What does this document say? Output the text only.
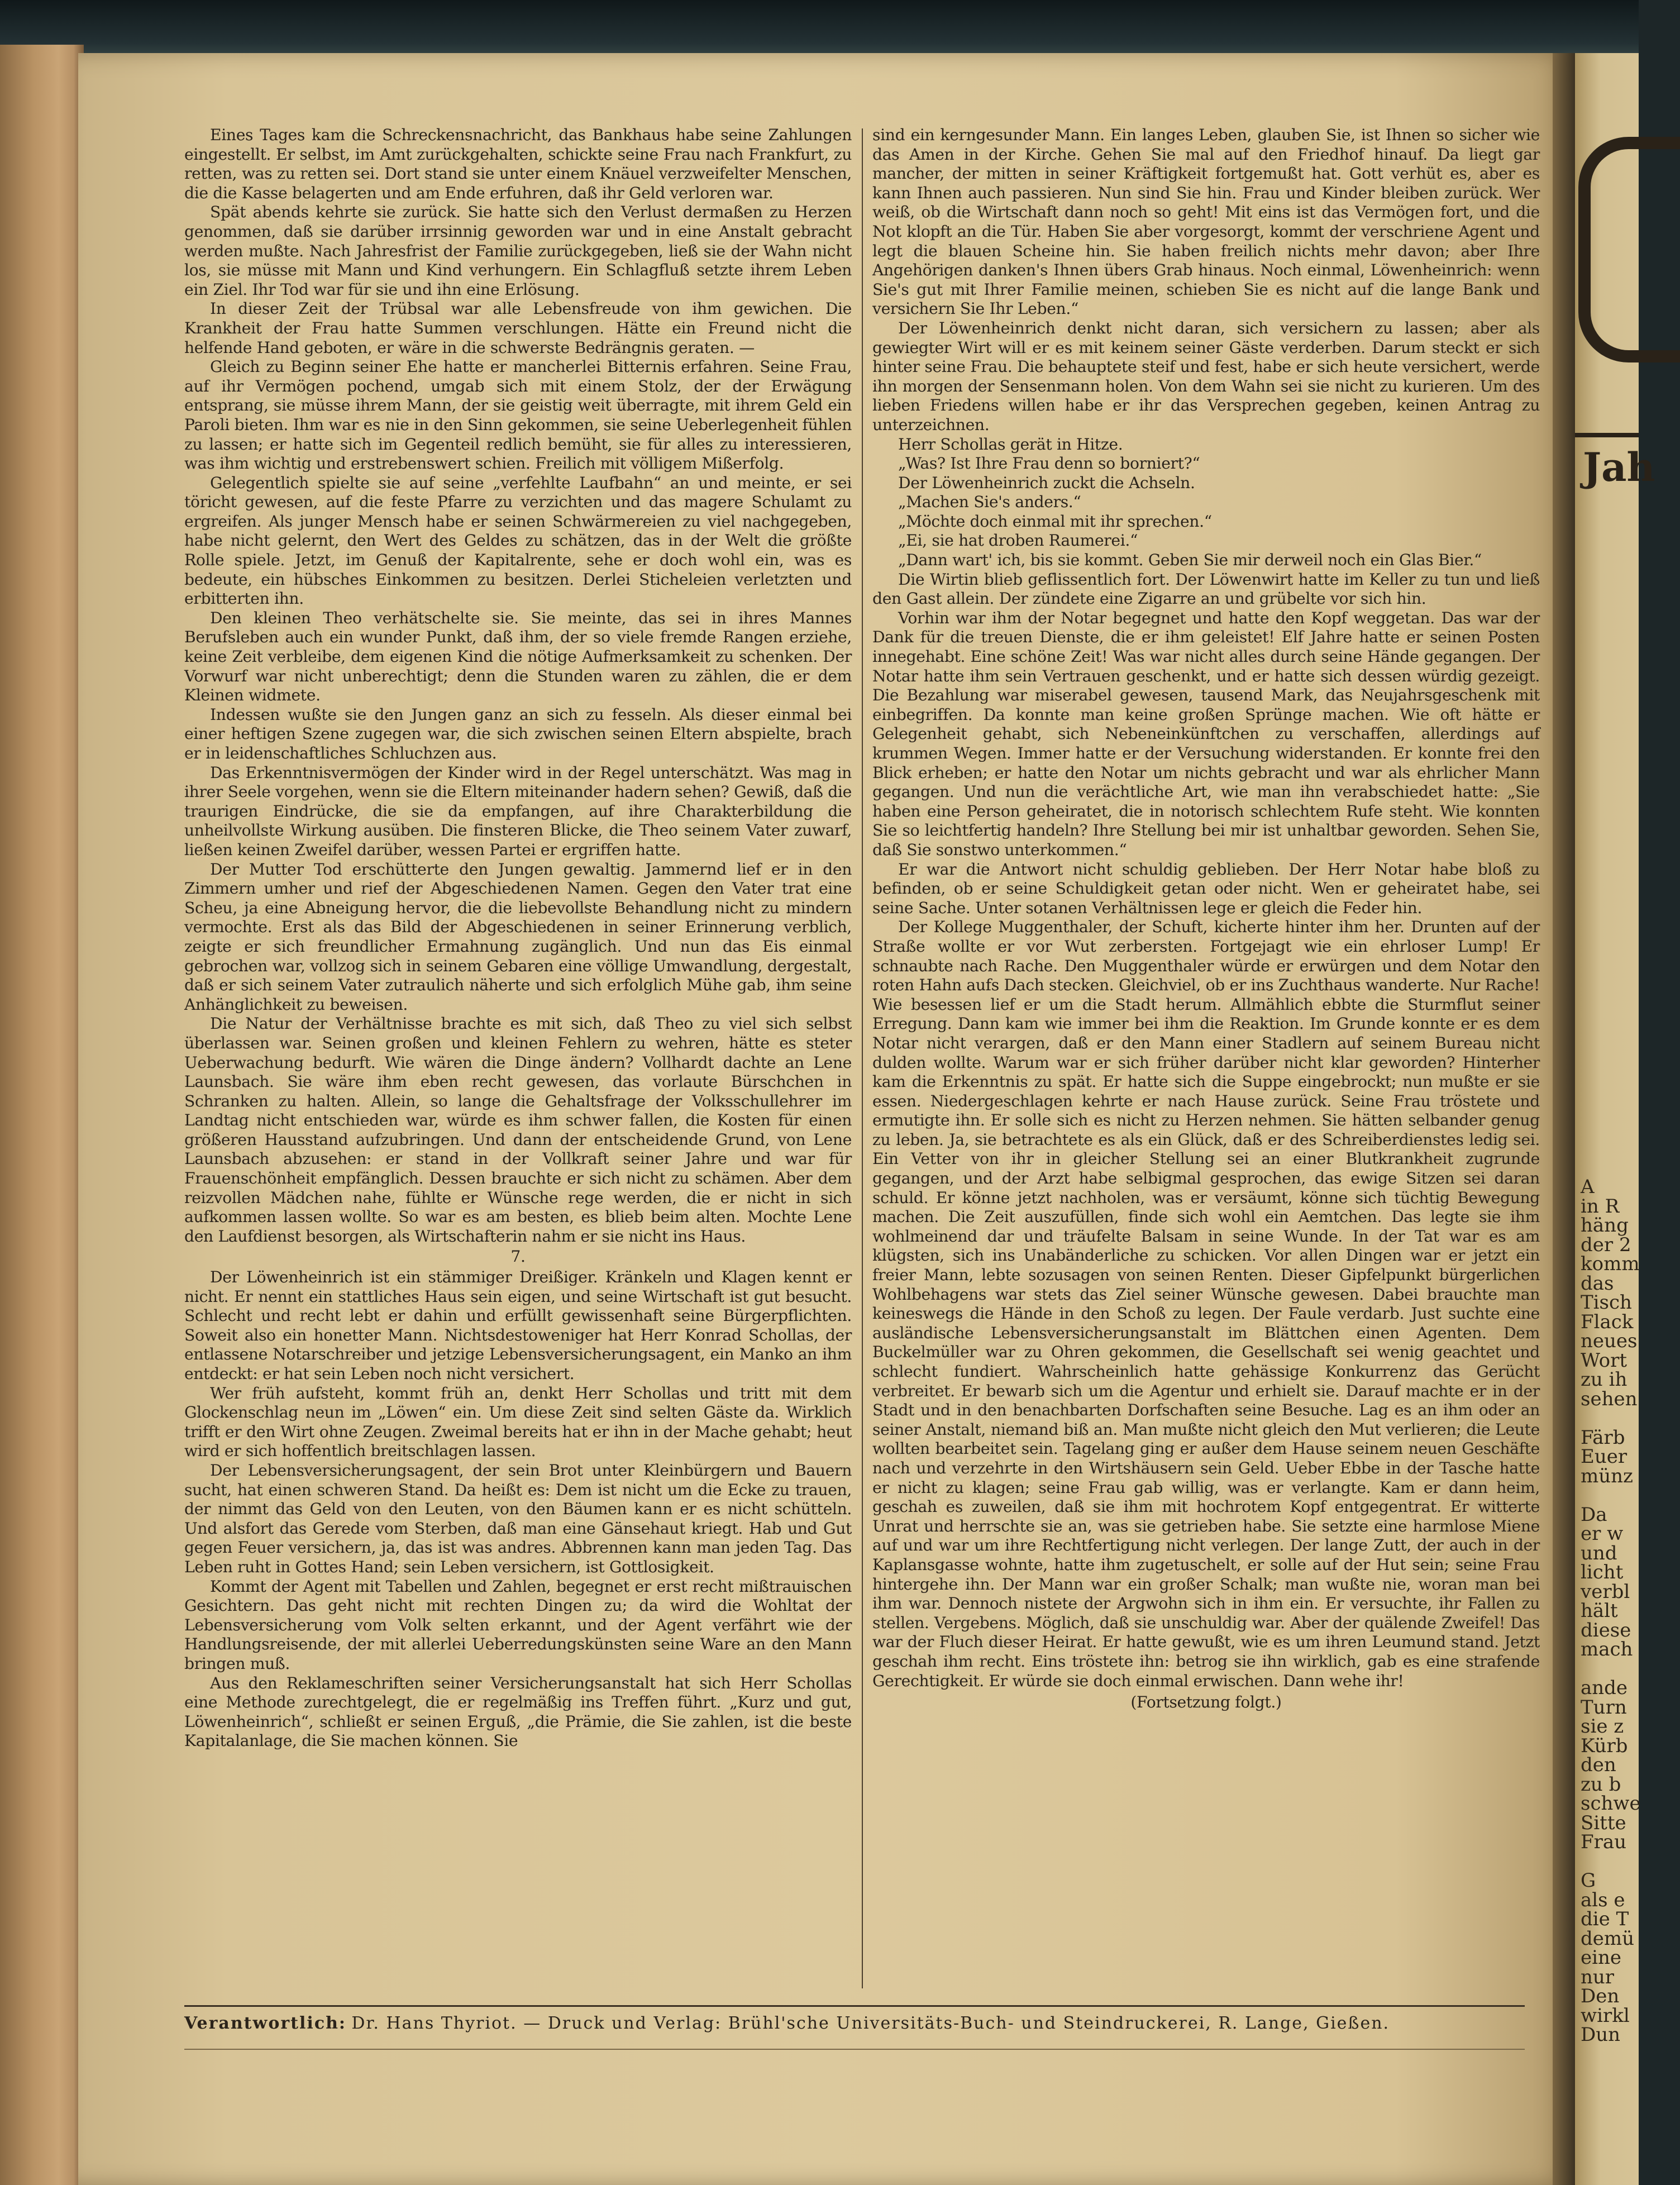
Jah
A
in R
häng
der 2
komm
das
Tisch
Flack
neues
Wort
zu ih
sehen
Färb
Euer
münz
Da
er w
und
licht
verbl
hält
diese
mach
ande
Turn
sie z
Kürb
den
zu b
schwe
Sitte
Frau
G
als e
die T
demü
eine
nur
Den
wirkl
Dun

Eines Tages kam die Schreckensnachricht, das Bankhaus habe seine Zahlungen eingestellt. Er selbst, im Amt zurückgehalten, schickte seine Frau nach Frankfurt, zu retten, was zu retten sei. Dort stand sie unter einem Knäuel verzweifelter Menschen, die die Kasse belagerten und am Ende erfuhren, daß ihr Geld verloren war.

Spät abends kehrte sie zurück. Sie hatte sich den Verlust dermaßen zu Herzen genommen, daß sie darüber irrsinnig geworden war und in eine Anstalt gebracht werden mußte. Nach Jahresfrist der Familie zurückgegeben, ließ sie der Wahn nicht los, sie müsse mit Mann und Kind verhungern. Ein Schlagfluß setzte ihrem Leben ein Ziel. Ihr Tod war für sie und ihn eine Erlösung.

In dieser Zeit der Trübsal war alle Lebensfreude von ihm gewichen. Die Krankheit der Frau hatte Summen verschlungen. Hätte ein Freund nicht die helfende Hand geboten, er wäre in die schwerste Bedrängnis geraten. —

Gleich zu Beginn seiner Ehe hatte er mancherlei Bitternis erfahren. Seine Frau, auf ihr Vermögen pochend, umgab sich mit einem Stolz, der der Erwägung entsprang, sie müsse ihrem Mann, der sie geistig weit überragte, mit ihrem Geld ein Paroli bieten. Ihm war es nie in den Sinn gekommen, sie seine Ueberlegenheit fühlen zu lassen; er hatte sich im Gegenteil redlich bemüht, sie für alles zu interessieren, was ihm wichtig und erstrebenswert schien. Freilich mit völligem Mißerfolg.

Gelegentlich spielte sie auf seine „verfehlte Laufbahn“ an und meinte, er sei töricht gewesen, auf die feste Pfarre zu verzichten und das magere Schulamt zu ergreifen. Als junger Mensch habe er seinen Schwärmereien zu viel nachgegeben, habe nicht gelernt, den Wert des Geldes zu schätzen, das in der Welt die größte Rolle spiele. Jetzt, im Genuß der Kapitalrente, sehe er doch wohl ein, was es bedeute, ein hübsches Einkommen zu besitzen. Derlei Sticheleien verletzten und erbitterten ihn.

Den kleinen Theo verhätschelte sie. Sie meinte, das sei in ihres Mannes Berufsleben auch ein wunder Punkt, daß ihm, der so viele fremde Rangen erziehe, keine Zeit verbleibe, dem eigenen Kind die nötige Aufmerksamkeit zu schenken. Der Vorwurf war nicht unberechtigt; denn die Stunden waren zu zählen, die er dem Kleinen widmete.

Indessen wußte sie den Jungen ganz an sich zu fesseln. Als dieser einmal bei einer heftigen Szene zugegen war, die sich zwischen seinen Eltern abspielte, brach er in leidenschaftliches Schluchzen aus.

Das Erkenntnisvermögen der Kinder wird in der Regel unterschätzt. Was mag in ihrer Seele vorgehen, wenn sie die Eltern miteinander hadern sehen? Gewiß, daß die traurigen Eindrücke, die sie da empfangen, auf ihre Charakterbildung die unheilvollste Wirkung ausüben. Die finsteren Blicke, die Theo seinem Vater zuwarf, ließen keinen Zweifel darüber, wessen Partei er ergriffen hatte.

Der Mutter Tod erschütterte den Jungen gewaltig. Jammernd lief er in den Zimmern umher und rief der Abgeschiedenen Namen. Gegen den Vater trat eine Scheu, ja eine Abneigung hervor, die die liebevollste Behandlung nicht zu mindern vermochte. Erst als das Bild der Abgeschiedenen in seiner Erinnerung verblich, zeigte er sich freundlicher Ermahnung zugänglich. Und nun das Eis einmal gebrochen war, vollzog sich in seinem Gebaren eine völlige Umwandlung, dergestalt, daß er sich seinem Vater zutraulich näherte und sich erfolglich Mühe gab, ihm seine Anhänglichkeit zu beweisen.

Die Natur der Verhältnisse brachte es mit sich, daß Theo zu viel sich selbst überlassen war. Seinen großen und kleinen Fehlern zu wehren, hätte es steter Ueberwachung bedurft. Wie wären die Dinge ändern? Vollhardt dachte an Lene Launsbach. Sie wäre ihm eben recht gewesen, das vorlaute Bürschchen in Schranken zu halten. Allein, so lange die Gehaltsfrage der Volksschullehrer im Landtag nicht entschieden war, würde es ihm schwer fallen, die Kosten für einen größeren Hausstand aufzubringen. Und dann der entscheidende Grund, von Lene Launsbach abzusehen: er stand in der Vollkraft seiner Jahre und war für Frauenschönheit empfänglich. Dessen brauchte er sich nicht zu schämen. Aber dem reizvollen Mädchen nahe, fühlte er Wünsche rege werden, die er nicht in sich aufkommen lassen wollte. So war es am besten, es blieb beim alten. Mochte Lene den Laufdienst besorgen, als Wirtschafterin nahm er sie nicht ins Haus.

7.

Der Löwenheinrich ist ein stämmiger Dreißiger. Kränkeln und Klagen kennt er nicht. Er nennt ein stattliches Haus sein eigen, und seine Wirtschaft ist gut besucht. Schlecht und recht lebt er dahin und erfüllt gewissenhaft seine Bürgerpflichten. Soweit also ein honetter Mann. Nichtsdestoweniger hat Herr Konrad Schollas, der entlassene Notarschreiber und jetzige Lebensversicherungsagent, ein Manko an ihm entdeckt: er hat sein Leben noch nicht versichert.

Wer früh aufsteht, kommt früh an, denkt Herr Schollas und tritt mit dem Glockenschlag neun im „Löwen“ ein. Um diese Zeit sind selten Gäste da. Wirklich trifft er den Wirt ohne Zeugen. Zweimal bereits hat er ihn in der Mache gehabt; heut wird er sich hoffentlich breitschlagen lassen.

Der Lebensversicherungsagent, der sein Brot unter Kleinbürgern und Bauern sucht, hat einen schweren Stand. Da heißt es: Dem ist nicht um die Ecke zu trauen, der nimmt das Geld von den Leuten, von den Bäumen kann er es nicht schütteln. Und alsfort das Gerede vom Sterben, daß man eine Gänsehaut kriegt. Hab und Gut gegen Feuer versichern, ja, das ist was andres. Abbrennen kann man jeden Tag. Das Leben ruht in Gottes Hand; sein Leben versichern, ist Gottlosigkeit.

Kommt der Agent mit Tabellen und Zahlen, begegnet er erst recht mißtrauischen Gesichtern. Das geht nicht mit rechten Dingen zu; da wird die Wohltat der Lebensversicherung vom Volk selten erkannt, und der Agent verfährt wie der Handlungsreisende, der mit allerlei Ueberredungskünsten seine Ware an den Mann bringen muß.

Aus den Reklameschriften seiner Versicherungsanstalt hat sich Herr Schollas eine Methode zurechtgelegt, die er regelmäßig ins Treffen führt. „Kurz und gut, Löwenheinrich“, schließt er seinen Erguß, „die Prämie, die Sie zahlen, ist die beste Kapitalanlage, die Sie machen können. Sie

sind ein kerngesunder Mann. Ein langes Leben, glauben Sie, ist Ihnen so sicher wie das Amen in der Kirche. Gehen Sie mal auf den Friedhof hinauf. Da liegt gar mancher, der mitten in seiner Kräftigkeit fortgemußt hat. Gott verhüt es, aber es kann Ihnen auch passieren. Nun sind Sie hin. Frau und Kinder bleiben zurück. Wer weiß, ob die Wirtschaft dann noch so geht! Mit eins ist das Vermögen fort, und die Not klopft an die Tür. Haben Sie aber vorgesorgt, kommt der verschriene Agent und legt die blauen Scheine hin. Sie haben freilich nichts mehr davon; aber Ihre Angehörigen danken's Ihnen übers Grab hinaus. Noch einmal, Löwenheinrich: wenn Sie's gut mit Ihrer Familie meinen, schieben Sie es nicht auf die lange Bank und versichern Sie Ihr Leben.“

Der Löwenheinrich denkt nicht daran, sich versichern zu lassen; aber als gewiegter Wirt will er es mit keinem seiner Gäste verderben. Darum steckt er sich hinter seine Frau. Die behauptete steif und fest, habe er sich heute versichert, werde ihn morgen der Sensenmann holen. Von dem Wahn sei sie nicht zu kurieren. Um des lieben Friedens willen habe er ihr das Versprechen gegeben, keinen Antrag zu unterzeichnen.

Herr Schollas gerät in Hitze.

„Was? Ist Ihre Frau denn so borniert?“

Der Löwenheinrich zuckt die Achseln.

„Machen Sie's anders.“

„Möchte doch einmal mit ihr sprechen.“

„Ei, sie hat droben Raumerei.“

„Dann wart' ich, bis sie kommt. Geben Sie mir derweil noch ein Glas Bier.“

Die Wirtin blieb geflissentlich fort. Der Löwenwirt hatte im Keller zu tun und ließ den Gast allein. Der zündete eine Zigarre an und grübelte vor sich hin.

Vorhin war ihm der Notar begegnet und hatte den Kopf weggetan. Das war der Dank für die treuen Dienste, die er ihm geleistet! Elf Jahre hatte er seinen Posten innegehabt. Eine schöne Zeit! Was war nicht alles durch seine Hände gegangen. Der Notar hatte ihm sein Vertrauen geschenkt, und er hatte sich dessen würdig gezeigt. Die Bezahlung war miserabel gewesen, tausend Mark, das Neujahrsgeschenk mit einbegriffen. Da konnte man keine großen Sprünge machen. Wie oft hätte er Gelegenheit gehabt, sich Nebeneinkünftchen zu verschaffen, allerdings auf krummen Wegen. Immer hatte er der Versuchung widerstanden. Er konnte frei den Blick erheben; er hatte den Notar um nichts gebracht und war als ehrlicher Mann gegangen. Und nun die verächtliche Art, wie man ihn verabschiedet hatte: „Sie haben eine Person geheiratet, die in notorisch schlechtem Rufe steht. Wie konnten Sie so leichtfertig handeln? Ihre Stellung bei mir ist unhaltbar geworden. Sehen Sie, daß Sie sonstwo unterkommen.“

Er war die Antwort nicht schuldig geblieben. Der Herr Notar habe bloß zu befinden, ob er seine Schuldigkeit getan oder nicht. Wen er geheiratet habe, sei seine Sache. Unter sotanen Verhältnissen lege er gleich die Feder hin.

Der Kollege Muggenthaler, der Schuft, kicherte hinter ihm her. Drunten auf der Straße wollte er vor Wut zerbersten. Fortgejagt wie ein ehrloser Lump! Er schnaubte nach Rache. Den Muggenthaler würde er erwürgen und dem Notar den roten Hahn aufs Dach stecken. Gleichviel, ob er ins Zuchthaus wanderte. Nur Rache! Wie besessen lief er um die Stadt herum. Allmählich ebbte die Sturmflut seiner Erregung. Dann kam wie immer bei ihm die Reaktion. Im Grunde konnte er es dem Notar nicht verargen, daß er den Mann einer Stadlern auf seinem Bureau nicht dulden wollte. Warum war er sich früher darüber nicht klar geworden? Hinterher kam die Erkenntnis zu spät. Er hatte sich die Suppe eingebrockt; nun mußte er sie essen. Niedergeschlagen kehrte er nach Hause zurück. Seine Frau tröstete und ermutigte ihn. Er solle sich es nicht zu Herzen nehmen. Sie hätten selbander genug zu leben. Ja, sie betrachtete es als ein Glück, daß er des Schreiberdienstes ledig sei. Ein Vetter von ihr in gleicher Stellung sei an einer Blutkrankheit zugrunde gegangen, und der Arzt habe selbigmal gesprochen, das ewige Sitzen sei daran schuld. Er könne jetzt nachholen, was er versäumt, könne sich tüchtig Bewegung machen. Die Zeit auszufüllen, finde sich wohl ein Aemtchen. Das legte sie ihm wohlmeinend dar und träufelte Balsam in seine Wunde. In der Tat war es am klügsten, sich ins Unabänderliche zu schicken. Vor allen Dingen war er jetzt ein freier Mann, lebte sozusagen von seinen Renten. Dieser Gipfelpunkt bürgerlichen Wohlbehagens war stets das Ziel seiner Wünsche gewesen. Dabei brauchte man keineswegs die Hände in den Schoß zu legen. Der Faule verdarb. Just suchte eine ausländische Lebensversicherungsanstalt im Blättchen einen Agenten. Dem Buckelmüller war zu Ohren gekommen, die Gesellschaft sei wenig geachtet und schlecht fundiert. Wahrscheinlich hatte gehässige Konkurrenz das Gerücht verbreitet. Er bewarb sich um die Agentur und erhielt sie. Darauf machte er in der Stadt und in den benachbarten Dorfschaften seine Besuche. Lag es an ihm oder an seiner Anstalt, niemand biß an. Man mußte nicht gleich den Mut verlieren; die Leute wollten bearbeitet sein. Tagelang ging er außer dem Hause seinem neuen Geschäfte nach und verzehrte in den Wirtshäusern sein Geld. Ueber Ebbe in der Tasche hatte er nicht zu klagen; seine Frau gab willig, was er verlangte. Kam er dann heim, geschah es zuweilen, daß sie ihm mit hochrotem Kopf entgegentrat. Er witterte Unrat und herrschte sie an, was sie getrieben habe. Sie setzte eine harmlose Miene auf und war um ihre Rechtfertigung nicht verlegen. Der lange Zutt, der auch in der Kaplansgasse wohnte, hatte ihm zugetuschelt, er solle auf der Hut sein; seine Frau hintergehe ihn. Der Mann war ein großer Schalk; man wußte nie, woran man bei ihm war. Dennoch nistete der Argwohn sich in ihm ein. Er versuchte, ihr Fallen zu stellen. Vergebens. Möglich, daß sie unschuldig war. Aber der quälende Zweifel! Das war der Fluch dieser Heirat. Er hatte gewußt, wie es um ihren Leumund stand. Jetzt geschah ihm recht. Eins tröstete ihn: betrog sie ihn wirklich, gab es eine strafende Gerechtigkeit. Er würde sie doch einmal erwischen. Dann wehe ihr!

(Fortsetzung folgt.)

Verantwortlich: Dr. Hans Thyriot. — Druck und Verlag: Brühl'sche Universitäts-Buch- und Steindruckerei, R. Lange, Gießen.
